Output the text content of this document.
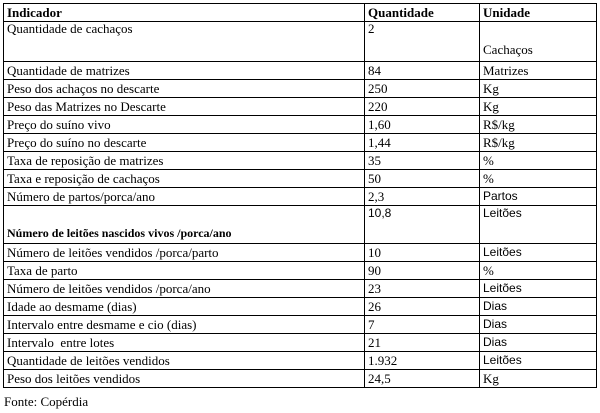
Indicador	Quantidade	Unidade
Quantidade de cachaços	2	Cachaços
Quantidade de matrizes	84	Matrizes
Peso dos achaços no descarte	250	Kg
Peso das Matrizes no Descarte	220	Kg
Preço do suíno vivo	1,60	R$/kg
Preço do suíno no descarte	1,44	R$/kg
Taxa de reposição de matrizes	35	%
Taxa e reposição de cachaços	50	%
Número de partos/porca/ano	2,3	Partos
Número de leitões nascidos vivos /porca/ano	10,8	Leitões
Número de leitões vendidos /porca/parto	10	Leitões
Taxa de parto	90	%
Número de leitões vendidos /porca/ano	23	Leitões
Idade ao desmame (dias)	26	Dias
Intervalo entre desmame e cio (dias)	7	Dias
Intervalo  entre lotes	21	Dias
Quantidade de leitões vendidos	1.932	Leitões
Peso dos leitões vendidos	24,5	Kg
Fonte: Copérdia
